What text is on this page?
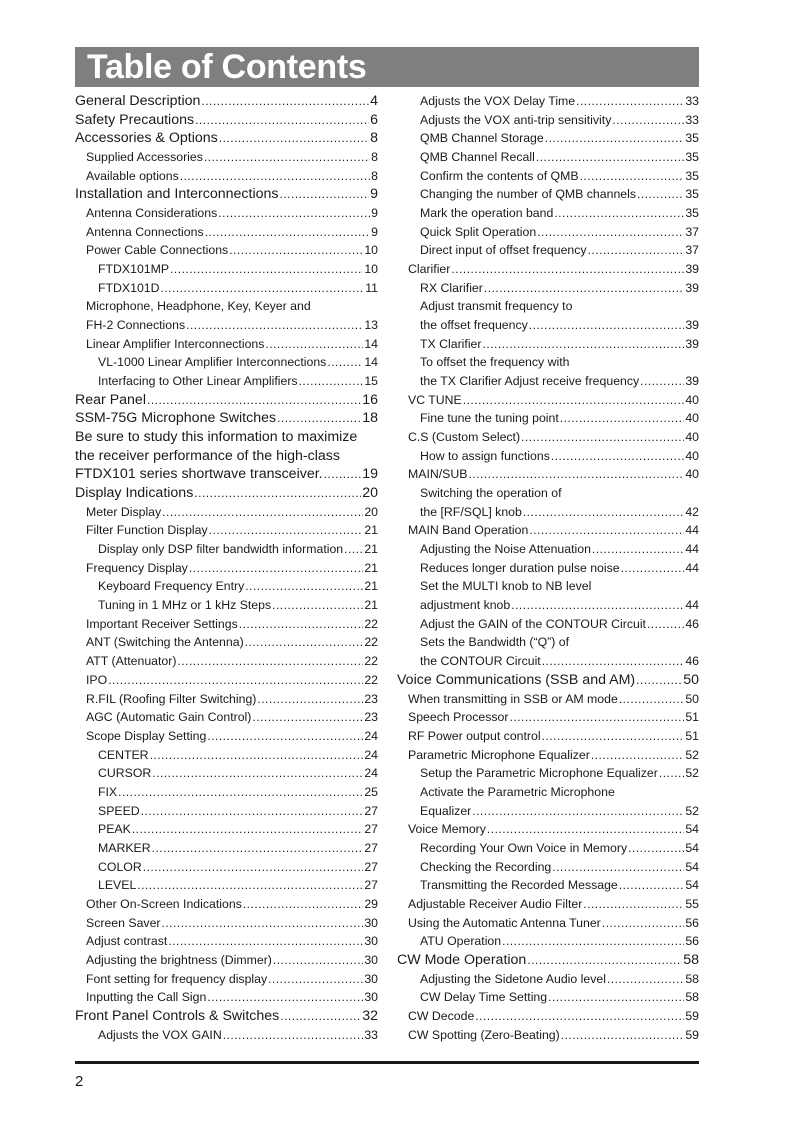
Table of Contents
General Description .....	4
Safety Precautions .....	6
Accessories & Options .....	8
Supplied Accessories .....	8
Available options .....	8
Installation and Interconnections .....	9
Antenna Considerations .....	9
Antenna Connections .....	9
Power Cable Connections .....	10
FTDX101MP .....	10
FTDX101D .....	11
Microphone, Headphone, Key, Keyer and
FH-2 Connections .....	13
Linear Amplifier Interconnections .....	14
VL-1000 Linear Amplifier Interconnections .....	14
Interfacing to Other Linear Amplifiers .....	15
Rear Panel .....	16
SSM-75G Microphone Switches .....	18
Be sure to study this information to maximize
the receiver performance of the high-class
FTDX101 series shortwave transceiver. .....	19
Display Indications .....	20
Meter Display .....	20
Filter Function Display .....	21
Display only DSP filter bandwidth information ..... 21
Frequency Display .....	21
Keyboard Frequency Entry .....	21
Tuning in 1 MHz or 1 kHz Steps .....	21
Important Receiver Settings .....	22
ANT (Switching the Antenna) .....	22
ATT (Attenuator) .....	22
IPO .....	22
R.FIL (Roofing Filter Switching) .....	23
AGC (Automatic Gain Control) .....	23
Scope Display Setting .....	24
CENTER .....	24
CURSOR .....	24
FIX .....	25
SPEED .....	27
PEAK .....	27
MARKER .....	27
COLOR .....	27
LEVEL .....	27
Other On-Screen Indications .....	29
Screen Saver .....	30
Adjust contrast .....	30
Adjusting the brightness (Dimmer) .....	30
Font setting for frequency display .....	30
Inputting the Call Sign .....	30
Front Panel Controls & Switches .....	32
Adjusts the VOX GAIN .....	33
Adjusts the VOX Delay Time .....	33
Adjusts the VOX anti-trip sensitivity .....	33
QMB Channel Storage .....	35
QMB Channel Recall .....	35
Confirm the contents of QMB .....	35
Changing the number of QMB channels .....	35
Mark the operation band .....	35
Quick Split Operation .....	37
Direct input of offset frequency .....	37
Clarifier .....	39
RX Clarifier .....	39
Adjust transmit frequency to
the offset frequency .....	39
TX Clarifier .....	39
To offset the frequency with
the TX Clarifier Adjust receive frequency .....	39
VC TUNE .....	40
Fine tune the tuning point .....	40
C.S (Custom Select) .....	40
How to assign functions .....	40
MAIN/SUB .....	40
Switching the operation of
the [RF/SQL] knob .....	42
MAIN Band Operation .....	44
Adjusting the Noise Attenuation .....	44
Reduces longer duration pulse noise .....	44
Set the MULTI knob to NB level
adjustment knob .....	44
Adjust the GAIN of the CONTOUR Circuit .....	46
Sets the Bandwidth (“Q”) of
the CONTOUR Circuit .....	46
Voice Communications (SSB and AM) .....	50
When transmitting in SSB or AM mode .....	50
Speech Processor .....	51
RF Power output control .....	51
Parametric Microphone Equalizer .....	52
Setup the Parametric Microphone Equalizer ..... 52
Activate the Parametric Microphone
Equalizer .....	52
Voice Memory .....	54
Recording Your Own Voice in Memory .....	54
Checking the Recording .....	54
Transmitting the Recorded Message .....	54
Adjustable Receiver Audio Filter .....	55
Using the Automatic Antenna Tuner .....	56
ATU Operation .....	56
CW Mode Operation .....	58
Adjusting the Sidetone Audio level .....	58
CW Delay Time Setting .....	58
CW Decode .....	59
CW Spotting (Zero-Beating) .....	59
2
